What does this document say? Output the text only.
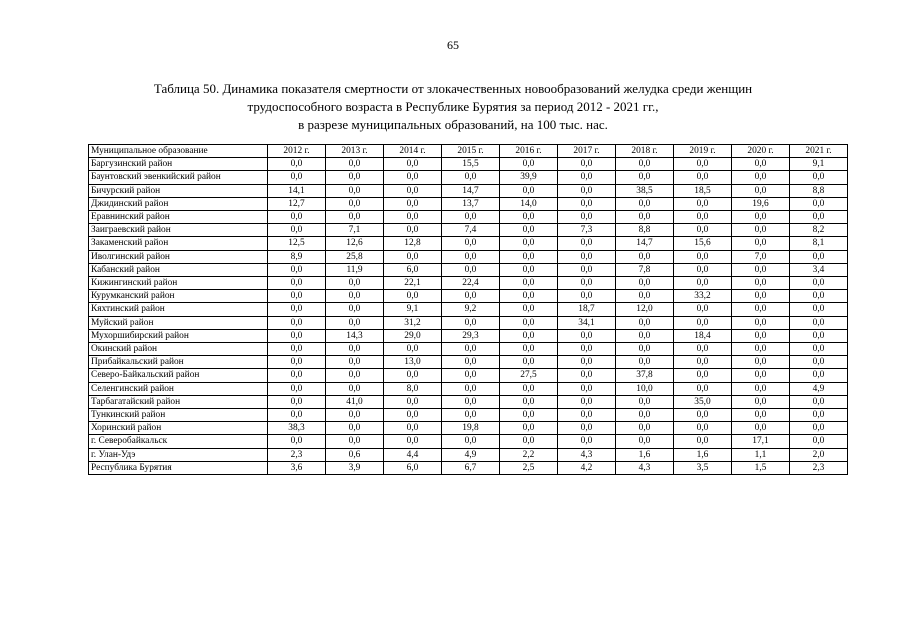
65
Таблица 50. Динамика показателя смертности от злокачественных новообразований желудка среди женщин
трудоспособного возраста в Республике Бурятия за период 2012 - 2021 гг.,
в разрезе муниципальных образований, на 100 тыс. нас.
Муниципальное образование	2012 г.	2013 г.	2014 г.	2015 г.	2016 г.	2017 г.	2018 г.	2019 г.	2020 г.	2021 г.
Баргузинский район	0,0	0,0	0,0	15,5	0,0	0,0	0,0	0,0	0,0	9,1
Баунтовский эвенкийский район	0,0	0,0	0,0	0,0	39,9	0,0	0,0	0,0	0,0	0,0
Бичурский район	14,1	0,0	0,0	14,7	0,0	0,0	38,5	18,5	0,0	8,8
Джидинский район	12,7	0,0	0,0	13,7	14,0	0,0	0,0	0,0	19,6	0,0
Еравнинский район	0,0	0,0	0,0	0,0	0,0	0,0	0,0	0,0	0,0	0,0
Заиграевский район	0,0	7,1	0,0	7,4	0,0	7,3	8,8	0,0	0,0	8,2
Закаменский район	12,5	12,6	12,8	0,0	0,0	0,0	14,7	15,6	0,0	8,1
Иволгинский район	8,9	25,8	0,0	0,0	0,0	0,0	0,0	0,0	7,0	0,0
Кабанский район	0,0	11,9	6,0	0,0	0,0	0,0	7,8	0,0	0,0	3,4
Кижингинский район	0,0	0,0	22,1	22,4	0,0	0,0	0,0	0,0	0,0	0,0
Курумканский район	0,0	0,0	0,0	0,0	0,0	0,0	0,0	33,2	0,0	0,0
Кяхтинский район	0,0	0,0	9,1	9,2	0,0	18,7	12,0	0,0	0,0	0,0
Муйский район	0,0	0,0	31,2	0,0	0,0	34,1	0,0	0,0	0,0	0,0
Мухоршибирский район	0,0	14,3	29,0	29,3	0,0	0,0	0,0	18,4	0,0	0,0
Окинский район	0,0	0,0	0,0	0,0	0,0	0,0	0,0	0,0	0,0	0,0
Прибайкальский район	0,0	0,0	13,0	0,0	0,0	0,0	0,0	0,0	0,0	0,0
Северо-Байкальский район	0,0	0,0	0,0	0,0	27,5	0,0	37,8	0,0	0,0	0,0
Селенгинский район	0,0	0,0	8,0	0,0	0,0	0,0	10,0	0,0	0,0	4,9
Тарбагатайский район	0,0	41,0	0,0	0,0	0,0	0,0	0,0	35,0	0,0	0,0
Тункинский район	0,0	0,0	0,0	0,0	0,0	0,0	0,0	0,0	0,0	0,0
Хоринский район	38,3	0,0	0,0	19,8	0,0	0,0	0,0	0,0	0,0	0,0
г. Северобайкальск	0,0	0,0	0,0	0,0	0,0	0,0	0,0	0,0	17,1	0,0
г. Улан-Удэ	2,3	0,6	4,4	4,9	2,2	4,3	1,6	1,6	1,1	2,0
Республика Бурятия	3,6	3,9	6,0	6,7	2,5	4,2	4,3	3,5	1,5	2,3
